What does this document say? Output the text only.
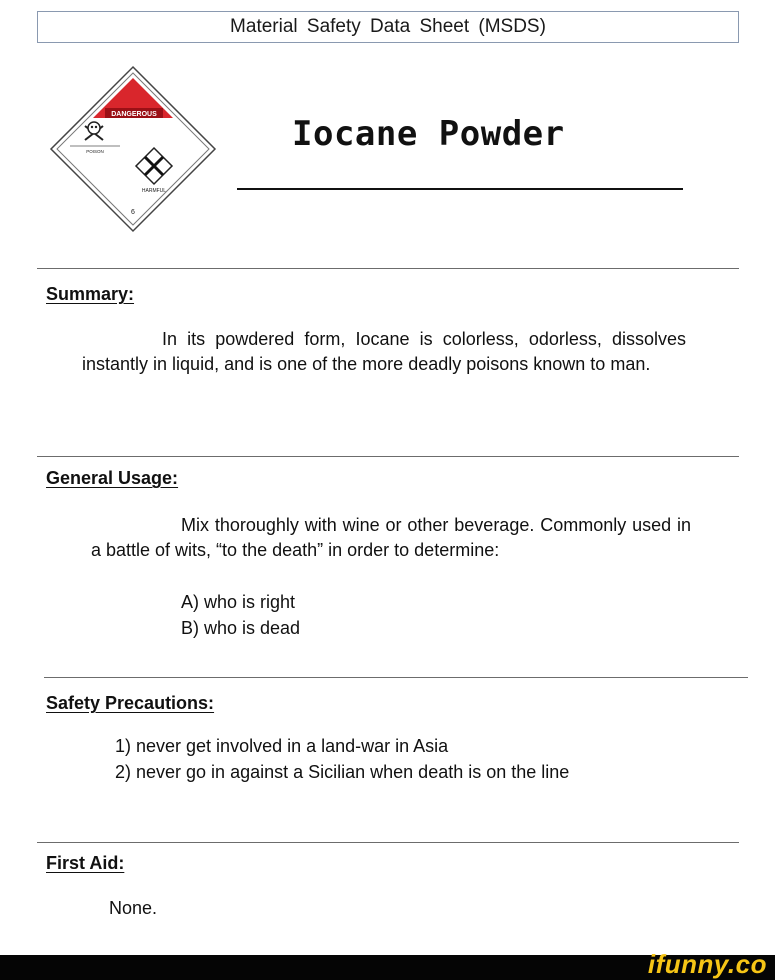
Material Safety Data Sheet (MSDS)
DANGEROUS
POISON
HARMFUL
6
Iocane Powder
Summary:
In its powdered form, Iocane is colorless, odorless, dissolves instantly in liquid, and is one of the more deadly poisons known to man.
General Usage:
Mix thoroughly with wine or other beverage. Commonly used in a battle of wits, “to the death” in order to determine:
A) who is right
B) who is dead
Safety Precautions:
1) never get involved in a land-war in Asia
2) never go in against a Sicilian when death is on the line
First Aid:
None.
ifunny.co
